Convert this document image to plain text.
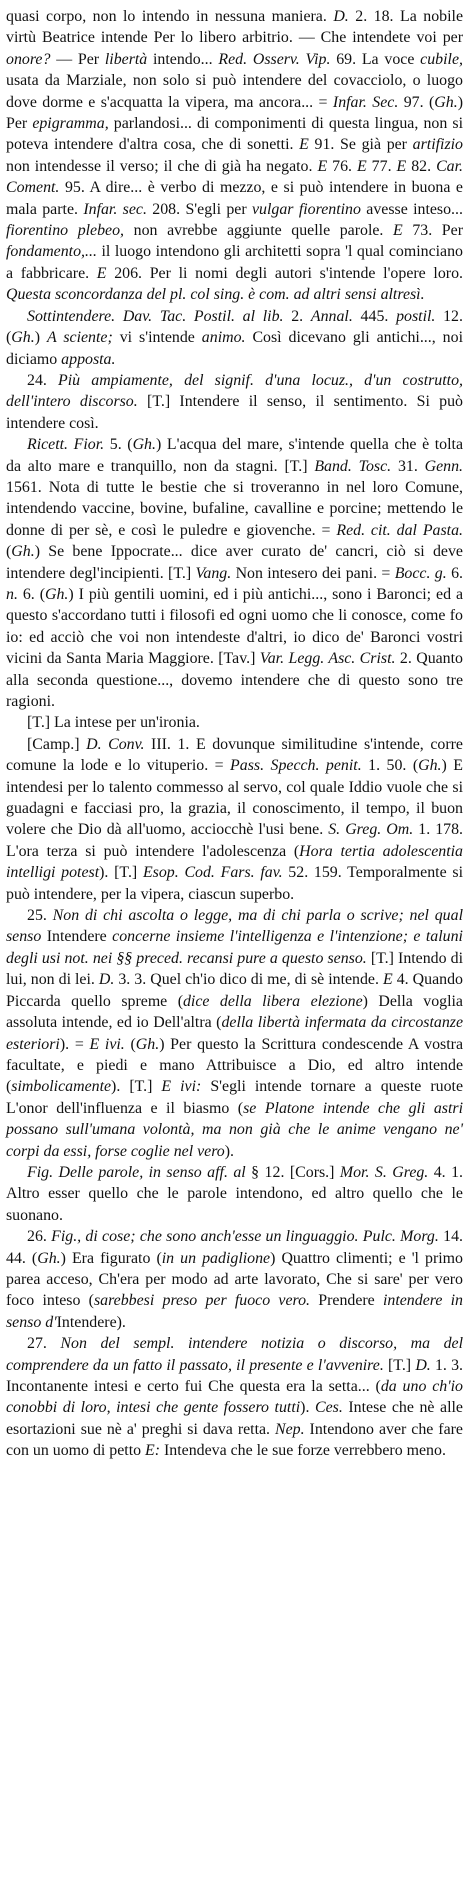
quasi corpo, non lo intendo in nessuna maniera. D. 2. 18. La nobile virtù Beatrice intende Per lo libero arbitrio. — Che intendete voi per onore? — Per libertà intendo... Red. Osserv. Vip. 69. La voce cubile, usata da Marziale, non solo si può intendere del covacciolo, o luogo dove dorme e s'acquatta la vipera, ma ancora... = Infar. Sec. 97. (Gh.) Per epigramma, parlandosi... di componimenti di questa lingua, non si poteva intendere d'altra cosa, che di sonetti. E 91. Se già per artifizio non intendesse il verso; il che di già ha negato. E 76. E 77. E 82. Car. Coment. 95. A dire... è verbo di mezzo, e si può intendere in buona e mala parte. Infar. sec. 208. S'egli per vulgar fiorentino avesse inteso... fiorentino plebeo, non avrebbe aggiunte quelle parole. E 73. Per fondamento,... il luogo intendono gli architetti sopra 'l qual cominciano a fabbricare. E 206. Per li nomi degli autori s'intende l'opere loro. Questa sconcordanza del pl. col sing. è com. ad altri sensi altresì.

Sottintendere. Dav. Tac. Postil. al lib. 2. Annal. 445. postil. 12. (Gh.) A sciente; vi s'intende animo. Così dicevano gli antichi..., noi diciamo apposta.

24. Più ampiamente, del signif. d'una locuz., d'un costrutto, dell'intero discorso. [T.] Intendere il senso, il sentimento. Si può intendere così.

Ricett. Fior. 5. (Gh.) L'acqua del mare, s'intende quella che è tolta da alto mare e tranquillo, non da stagni. [T.] Band. Tosc. 31. Genn. 1561. Nota di tutte le bestie che si troveranno in nel loro Comune, intendendo vaccine, bovine, bufaline, cavalline e porcine; mettendo le donne di per sè, e così le puledre e giovenche. = Red. cit. dal Pasta. (Gh.) Se bene Ippocrate... dice aver curato de' cancri, ciò si deve intendere degl'incipienti. [T.] Vang. Non intesero dei pani. = Bocc. g. 6. n. 6. (Gh.) I più gentili uomini, ed i più antichi..., sono i Baronci; ed a questo s'accordano tutti i filosofi ed ogni uomo che li conosce, come fo io: ed acciò che voi non intendeste d'altri, io dico de' Baronci vostri vicini da Santa Maria Maggiore. [Tav.] Var. Legg. Asc. Crist. 2. Quanto alla seconda questione..., dovemo intendere che di questo sono tre ragioni.

[T.] La intese per un'ironia.

[Camp.] D. Conv. III. 1. E dovunque similitudine s'intende, corre comune la lode e lo vituperio. = Pass. Specch. penit. 1. 50. (Gh.) E intendesi per lo talento commesso al servo, col quale Iddio vuole che si guadagni e facciasi pro, la grazia, il conoscimento, il tempo, il buon volere che Dio dà all'uomo, acciocchè l'usi bene. S. Greg. Om. 1. 178. L'ora terza si può intendere l'adolescenza (Hora tertia adolescentia intelligi potest). [T.] Esop. Cod. Fars. fav. 52. 159. Temporalmente si può intendere, per la vipera, ciascun superbo.

25. Non di chi ascolta o legge, ma di chi parla o scrive; nel qual senso Intendere concerne insieme l'intelligenza e l'intenzione; e taluni degli usi not. nei §§ preced. recansi pure a questo senso. [T.] Intendo di lui, non di lei. D. 3. 3. Quel ch'io dico di me, di sè intende. E 4. Quando Piccarda quello spreme (dice della libera elezione) Della voglia assoluta intende, ed io Dell'altra (della libertà infermata da circostanze esteriori). = E ivi. (Gh.) Per questo la Scrittura condescende A vostra facultate, e piedi e mano Attribuisce a Dio, ed altro intende (simbolicamente). [T.] E ivi: S'egli intende tornare a queste ruote L'onor dell'influenza e il biasmo (se Platone intende che gli astri possano sull'umana volontà, ma non già che le anime vengano ne' corpi da essi, forse coglie nel vero).

Fig. Delle parole, in senso aff. al § 12. [Cors.] Mor. S. Greg. 4. 1. Altro esser quello che le parole intendono, ed altro quello che le suonano.

26. Fig., di cose; che sono anch'esse un linguaggio. Pulc. Morg. 14. 44. (Gh.) Era figurato (in un padiglione) Quattro climenti; e 'l primo parea acceso, Ch'era per modo ad arte lavorato, Che si sare' per vero foco inteso (sarebbesi preso per fuoco vero. Prendere intendere in senso d'Intendere).

27. Non del sempl. intendere notizia o discorso, ma del comprendere da un fatto il passato, il presente e l'avvenire. [T.] D. 1. 3. Incontanente intesi e certo fui Che questa era la setta... (da uno ch'io conobbi di loro, intesi che gente fossero tutti). Ces. Intese che nè alle esortazioni sue nè a' preghi si dava retta. Nep. Intendono aver che fare con un uomo di petto E: Intendeva che le sue forze verrebbero meno.
